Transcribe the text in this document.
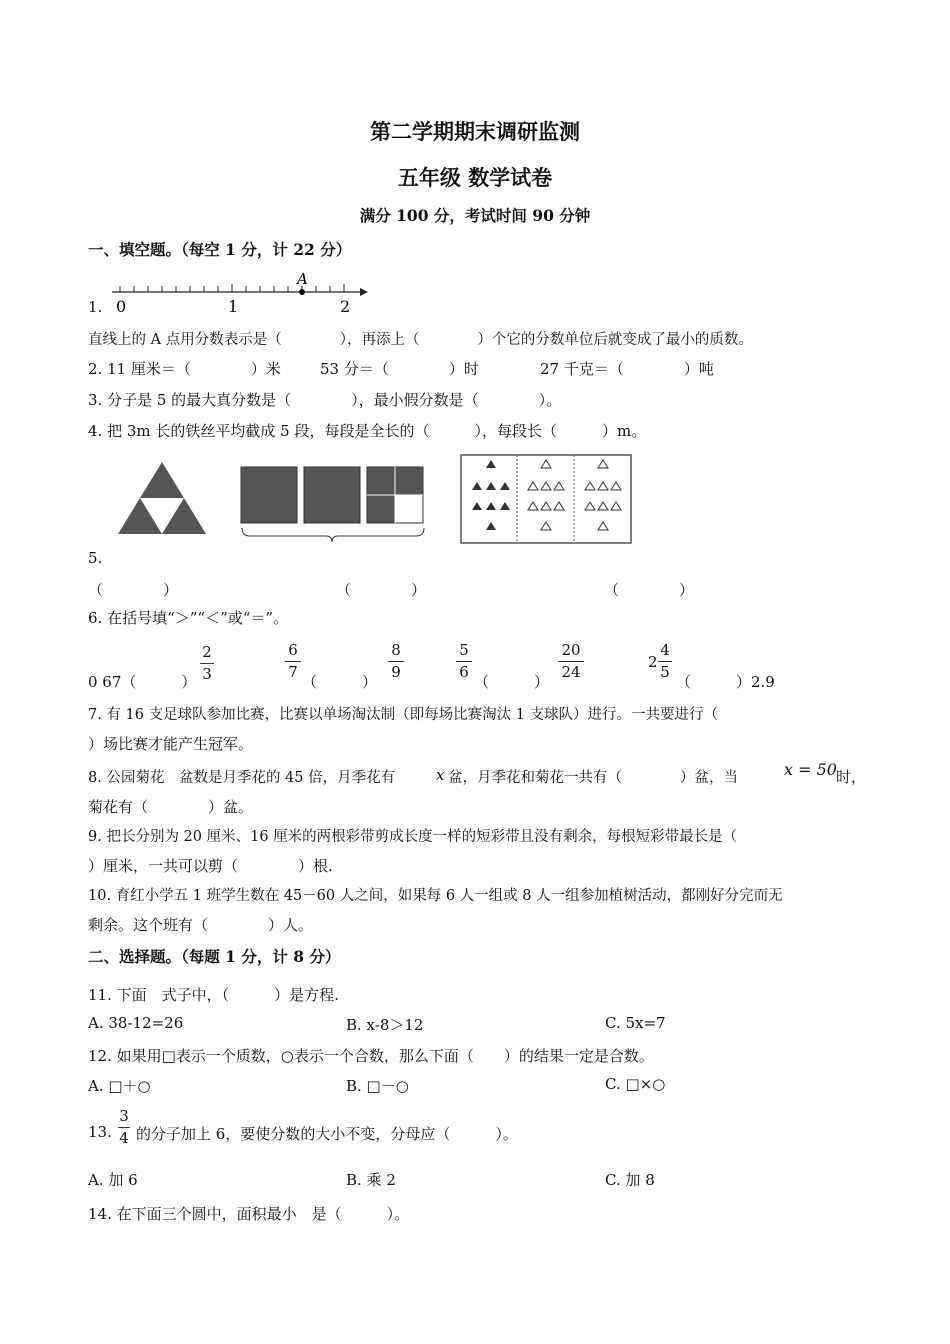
第二学期期末调研监测
五年级 数学试卷
满分 100 分，考试时间 90 分钟
一、填空题。（每空 1 分，计 22 分）
A
0	1	2
1.
直线上的 A 点用分数表示是（　　　　），再添上（　　　　）个它的分数单位后就变成了最小的质数。
2. 11 厘米＝（　　　　）米	53 分＝（　　　　）时	27 千克＝（　　　　）吨
3. 分子是 5 的最大真分数是（　　　　），最小假分数是（　　　　）。
4. 把 3m 长的铁丝平均截成 5 段，每段是全长的（　　　），每段长（　　　）m。
5.
（　　　　）	（　　　　）	（　　　　）
6. 在括号填“＞”“＜”或“＝”。
0 67（　　　）
2
3
6
7
（　　　）
8
9
5
6
（　　　）
20
24
2
4
5
（　　　）2.9
7. 有 16 支足球队参加比赛，比赛以单场淘汰制（即每场比赛淘汰 1 支球队）进行。一共要进行（
）场比赛才能产生冠军。
8. 公园菊花　盆数是月季花的 45 倍，月季花有	x 盆，月季花和菊花一共有（　　　　）盆，当	x = 50 时，
菊花有（　　　　）盆。
9. 把长分别为 20 厘米、16 厘米的两根彩带剪成长度一样的短彩带且没有剩余，每根短彩带最长是（
）厘米，一共可以剪（　　　　）根.
10. 育红小学五 1 班学生数在 45－60 人之间，如果每 6 人一组或 8 人一组参加植树活动，都刚好分完而无
剩余。这个班有（　　　　）人。
二、选择题。（每题 1 分，计 8 分）
11. 下面　式子中，（　　　）是方程.
A. 38-12=26	B. x-8＞12	C. 5x=7
12. 如果用□表示一个质数，○表示一个合数，那么下面（　　）的结果一定是合数。
A. □＋○	B. □－○	C. □×○
13.
3
4 的分子加上 6，要使分数的大小不变，分母应（　　　）。
A. 加 6	B. 乘 2	C. 加 8
14. 在下面三个圆中，面积最小　是（　　　）。
